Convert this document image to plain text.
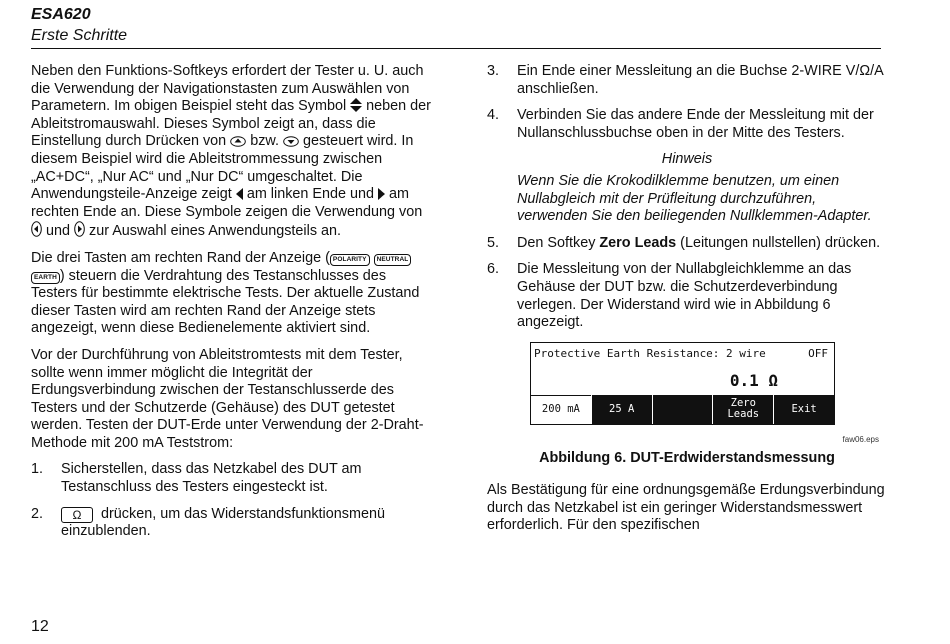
ESA620
Erste Schritte

Neben den Funktions-Softkeys erfordert der Tester u. U. auch die Verwendung der Navigationstasten zum Auswählen von Parametern. Im obigen Beispiel steht das Symbol neben der Ableitstromauswahl. Dieses Symbol zeigt an, dass die Einstellung durch Drücken von bzw. gesteuert wird. In diesem Beispiel wird die Ableitstrommessung zwischen „AC+DC“, „Nur AC“ und „Nur DC“ umgeschaltet. Die Anwendungsteile-Anzeige zeigt am linken Ende und am rechten Ende an. Diese Symbole zeigen die Verwendung von  und zur Auswahl eines Anwendungsteils an.

Die drei Tasten am rechten Rand der Anzeige ( POLARITY NEUTRAL EARTH ) steuern die Verdrahtung des Testanschlusses des Testers für bestimmte elektrische Tests. Der aktuelle Zustand dieser Tasten wird am rechten Rand der Anzeige stets angezeigt, wenn diese Bedienelemente aktiviert sind.

Vor der Durchführung von Ableitstromtests mit dem Tester, sollte wenn immer möglicht die Integrität der Erdungsverbindung zwischen der Testanschlusserde des Testers und der Schutzerde (Gehäuse) des DUT getestet werden. Testen der DUT-Erde unter Verwendung der 2-Draht-Methode mit 200 mA Teststrom:

1. Sicherstellen, dass das Netzkabel des DUT am Testanschluss des Testers eingesteckt ist.
2. Ω drücken, um das Widerstandsfunktionsmenü einzublenden.
3. Ein Ende einer Messleitung an die Buchse 2-WIRE V/Ω/A anschließen.
4. Verbinden Sie das andere Ende der Messleitung mit der Nullanschlussbuchse oben in der Mitte des Testers.
Hinweis
Wenn Sie die Krokodilklemme benutzen, um einen Nullabgleich mit der Prüfleitung durchzuführen, verwenden Sie den beiliegenden Nullklemmen-Adapter.
5. Den Softkey Zero Leads (Leitungen nullstellen) drücken.
6. Die Messleitung von der Nullabgleichklemme an das Gehäuse der DUT bzw. die Schutzerdeverbindung verlegen. Der Widerstand wird wie in Abbildung 6 angezeigt.
Protective Earth Resistance: 2 wire	OFF
0.1 Ω
200 mA	25 A	Zero
Leads	Exit
faw06.eps
Abbildung 6. DUT-Erdwiderstandsmessung

Als Bestätigung für eine ordnungsgemäße Erdungsverbindung durch das Netzkabel ist ein geringer Widerstandsmesswert erforderlich. Für den spezifischen

12
